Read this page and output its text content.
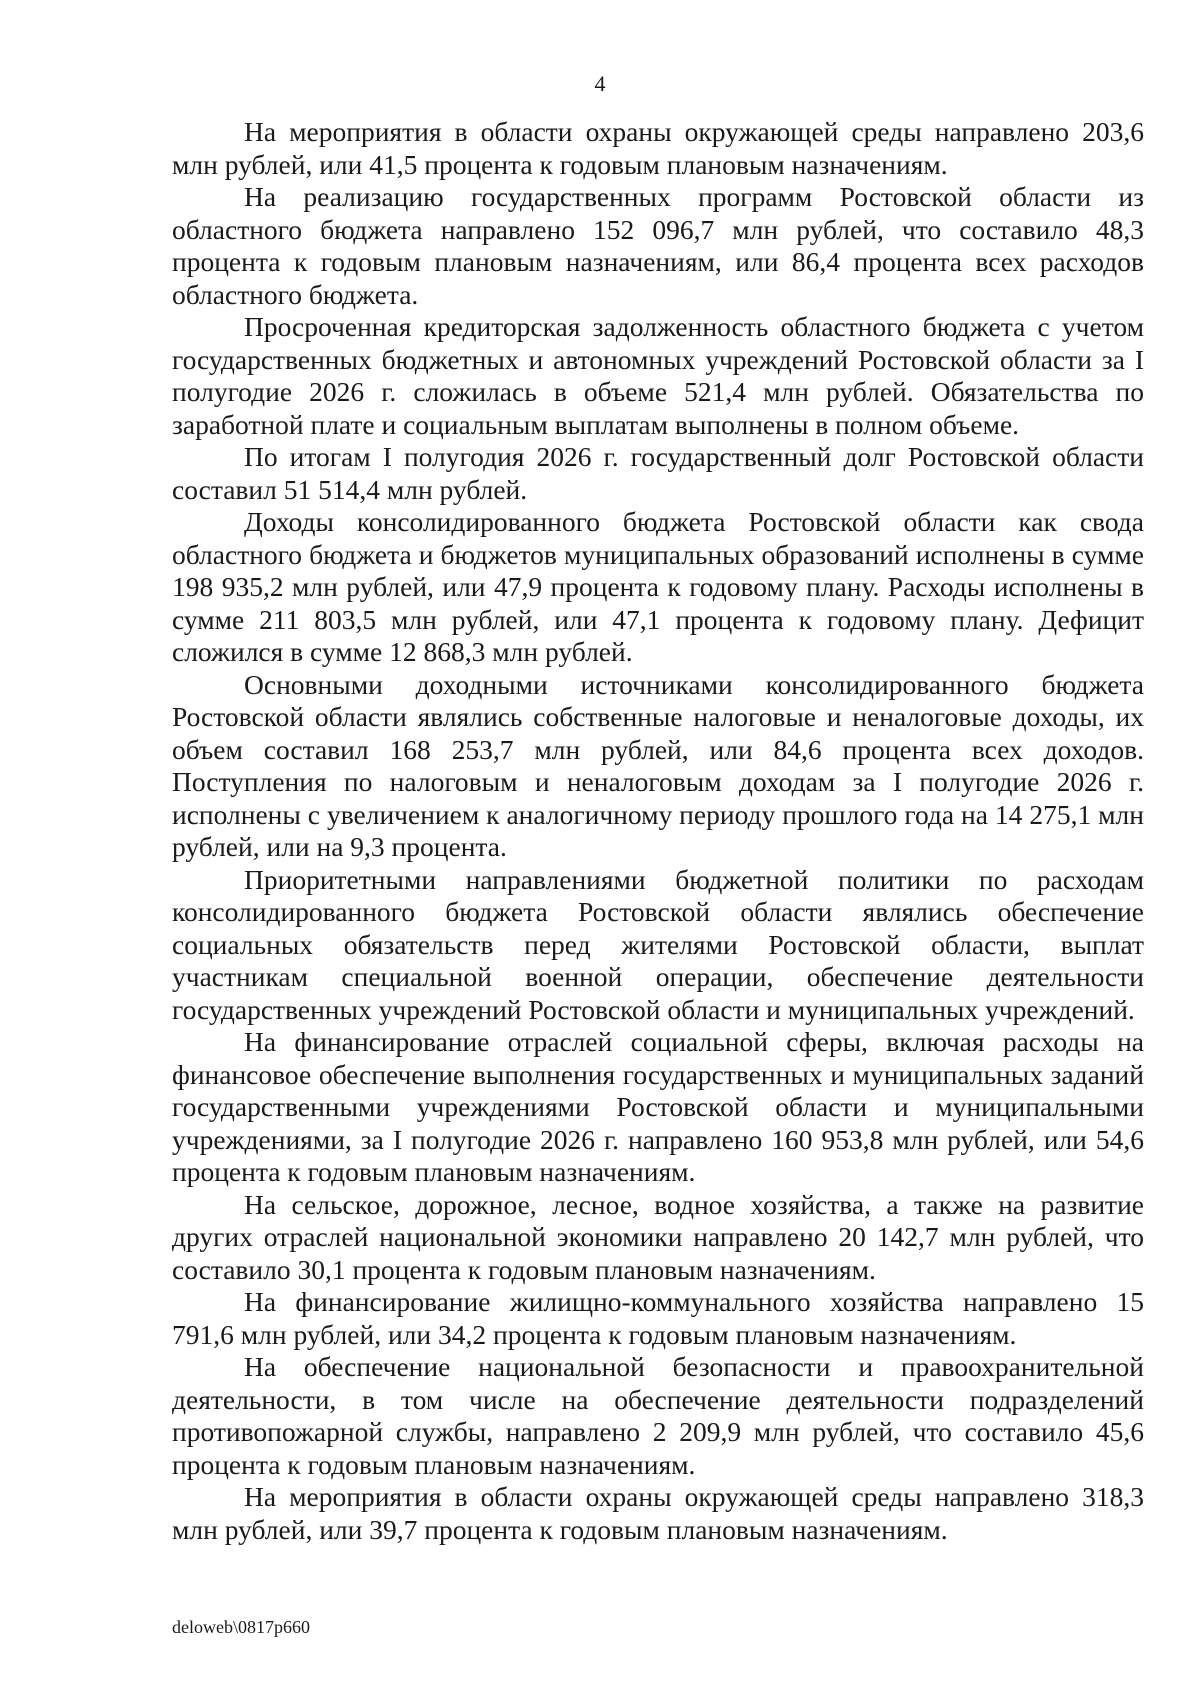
4

На мероприятия в области охраны окружающей среды направлено 203,6 млн рублей, или 41,5 процента к годовым плановым назначениям.

На реализацию государственных программ Ростовской области из областного бюджета направлено 152 096,7 млн рублей, что составило 48,3 процента к годовым плановым назначениям, или 86,4 процента всех расходов областного бюджета.

Просроченная кредиторская задолженность областного бюджета с учетом государственных бюджетных и автономных учреждений Ростовской области за I полугодие 2026 г. сложилась в объеме 521,4 млн рублей. Обязательства по заработной плате и социальным выплатам выполнены в полном объеме.

По итогам I полугодия 2026 г. государственный долг Ростовской области составил 51 514,4 млн рублей.

Доходы консолидированного бюджета Ростовской области как свода областного бюджета и бюджетов муниципальных образований исполнены в сумме 198 935,2 млн рублей, или 47,9 процента к годовому плану. Расходы исполнены в сумме 211 803,5 млн рублей, или 47,1 процента к годовому плану. Дефицит сложился в сумме 12 868,3 млн рублей.

Основными доходными источниками консолидированного бюджета Ростовской области являлись собственные налоговые и неналоговые доходы, их объем составил 168 253,7 млн рублей, или 84,6 процента всех доходов. Поступления по налоговым и неналоговым доходам за I полугодие 2026 г. исполнены с увеличением к аналогичному периоду прошлого года на 14 275,1 млн рублей, или на 9,3 процента.

Приоритетными направлениями бюджетной политики по расходам консолидированного бюджета Ростовской области являлись обеспечение социальных обязательств перед жителями Ростовской области, выплат участникам специальной военной операции, обеспечение деятельности государственных учреждений Ростовской области и муниципальных учреждений.

На финансирование отраслей социальной сферы, включая расходы на финансовое обеспечение выполнения государственных и муниципальных заданий государственными учреждениями Ростовской области и муниципальными учреждениями, за I полугодие 2026 г. направлено 160 953,8 млн рублей, или 54,6 процента к годовым плановым назначениям.

На сельское, дорожное, лесное, водное хозяйства, а также на развитие других отраслей национальной экономики направлено 20 142,7 млн рублей, что составило 30,1 процента к годовым плановым назначениям.

На финансирование жилищно-коммунального хозяйства направлено 15 791,6 млн рублей, или 34,2 процента к годовым плановым назначениям.

На обеспечение национальной безопасности и правоохранительной деятельности, в том числе на обеспечение деятельности подразделений противопожарной службы, направлено 2 209,9 млн рублей, что составило 45,6 процента к годовым плановым назначениям.

На мероприятия в области охраны окружающей среды направлено 318,3 млн рублей, или 39,7 процента к годовым плановым назначениям.

deloweb\0817p660
